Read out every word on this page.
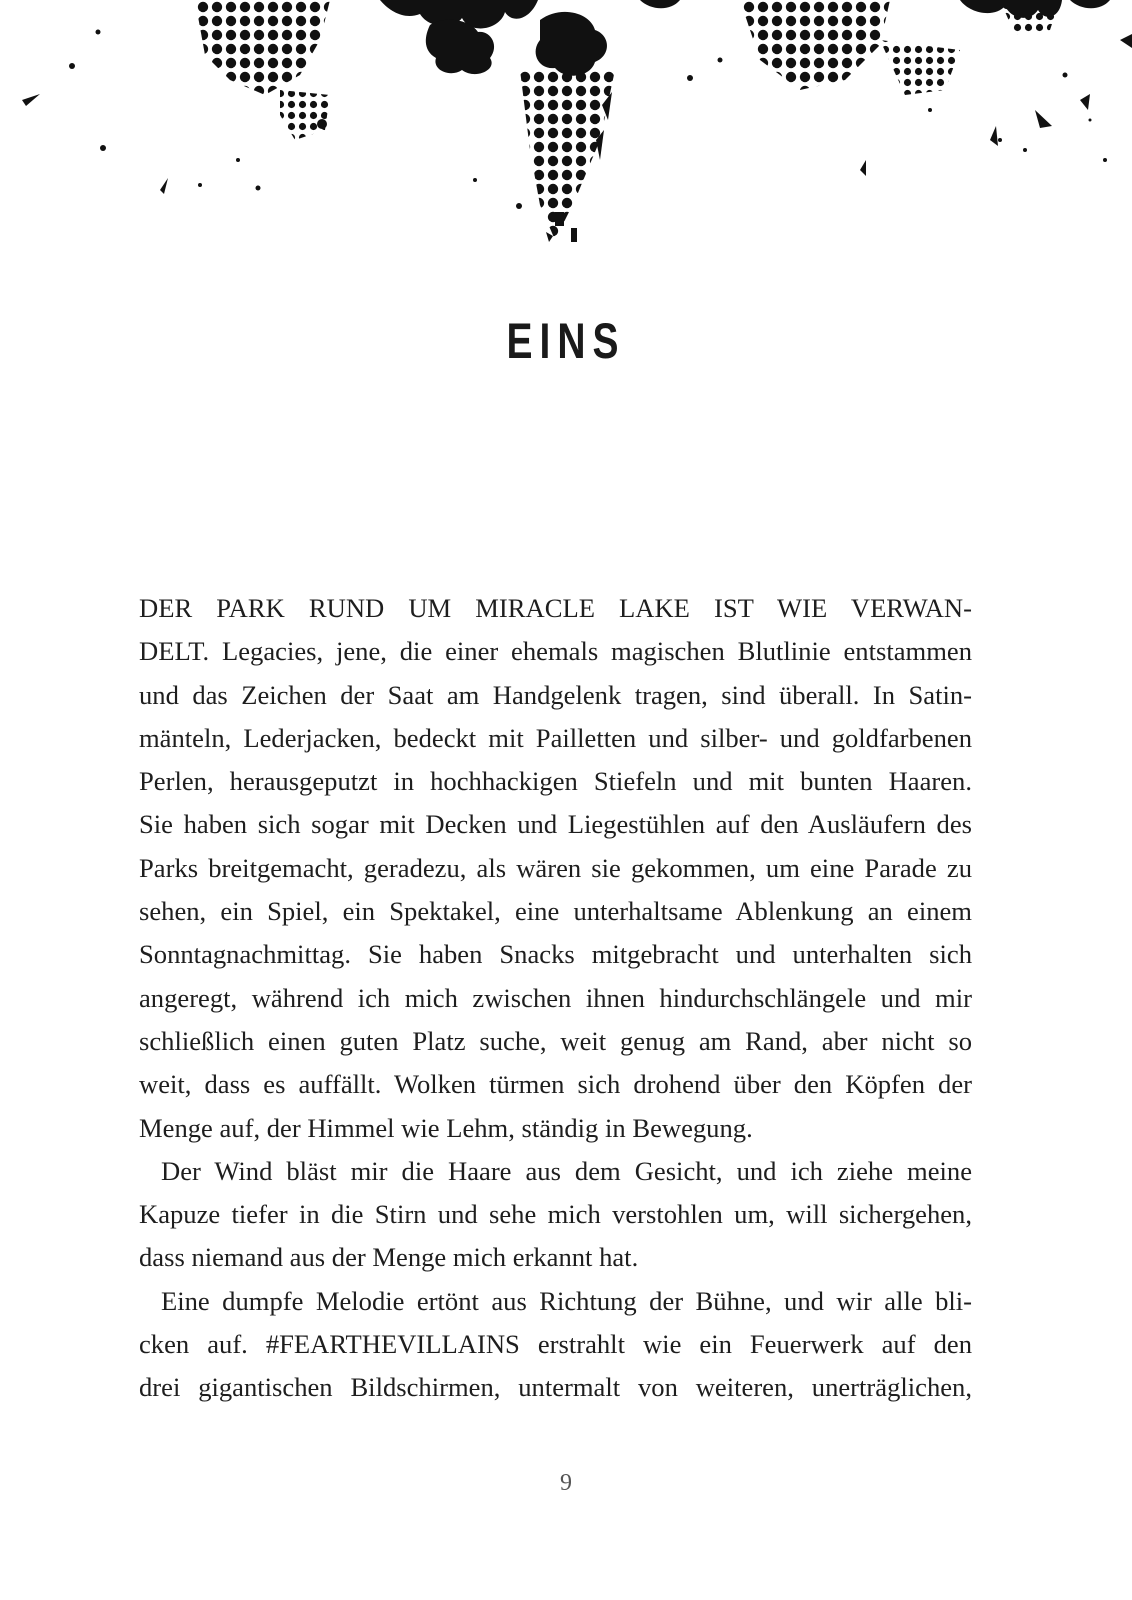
EINS
DER PARK RUND UM MIRACLE LAKE IST WIE VERWAN-
DELT. Legacies, jene, die einer ehemals magischen Blutlinie entstammen
und das Zeichen der Saat am Handgelenk tragen, sind überall. In Satin-
mänteln, Lederjacken, bedeckt mit Pailletten und silber- und goldfarbenen
Perlen, herausgeputzt in hochhackigen Stiefeln und mit bunten Haaren.
Sie haben sich sogar mit Decken und Liegestühlen auf den Ausläufern des
Parks breitgemacht, geradezu, als wären sie gekommen, um eine Parade zu
sehen, ein Spiel, ein Spektakel, eine unterhaltsame Ablenkung an einem
Sonntagnachmittag. Sie haben Snacks mitgebracht und unterhalten sich
angeregt, während ich mich zwischen ihnen hindurchschlängele und mir
schließlich einen guten Platz suche, weit genug am Rand, aber nicht so
weit, dass es auffällt. Wolken türmen sich drohend über den Köpfen der
Menge auf, der Himmel wie Lehm, ständig in Bewegung.
Der Wind bläst mir die Haare aus dem Gesicht, und ich ziehe meine
Kapuze tiefer in die Stirn und sehe mich verstohlen um, will sichergehen,
dass niemand aus der Menge mich erkannt hat.
Eine dumpfe Melodie ertönt aus Richtung der Bühne, und wir alle bli-
cken auf. #FEARTHEVILLAINS erstrahlt wie ein Feuerwerk auf den
drei gigantischen Bildschirmen, untermalt von weiteren, unerträglichen,
9
